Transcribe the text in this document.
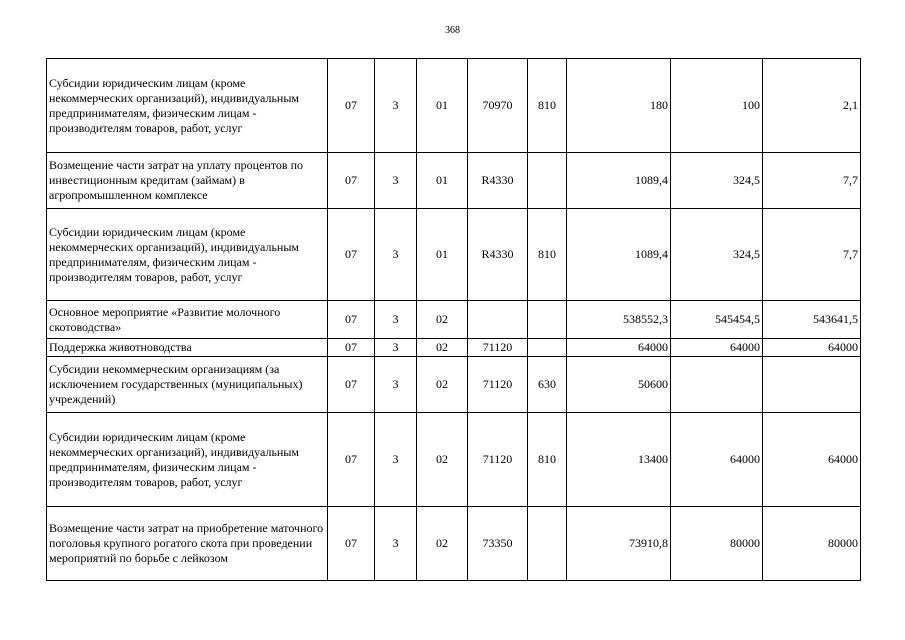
368
Субсидии юридическим лицам (кроме некоммерческих организаций), индивидуальным предпринимателям, физическим лицам - производителям товаров, работ, услуг	07	3	01	70970	810	180	100	2,1
Возмещение части затрат на уплату процентов по инвестиционным кредитам (займам) в агропромышленном комплексе	07	3	01	R4330		1089,4	324,5	7,7
Субсидии юридическим лицам (кроме некоммерческих организаций), индивидуальным предпринимателям, физическим лицам - производителям товаров, работ, услуг	07	3	01	R4330	810	1089,4	324,5	7,7
Основное мероприятие «Развитие молочного скотоводства»	07	3	02			538552,3	545454,5	543641,5
Поддержка животноводства	07	3	02	71120		64000	64000	64000
Субсидии некоммерческим организациям (за исключением государственных (муниципальных) учреждений)	07	3	02	71120	630	50600		
Субсидии юридическим лицам (кроме некоммерческих организаций), индивидуальным предпринимателям, физическим лицам - производителям товаров, работ, услуг	07	3	02	71120	810	13400	64000	64000
Возмещение части затрат на приобретение маточного поголовья крупного рогатого скота при проведении мероприятий по борьбе с лейкозом	07	3	02	73350		73910,8	80000	80000
